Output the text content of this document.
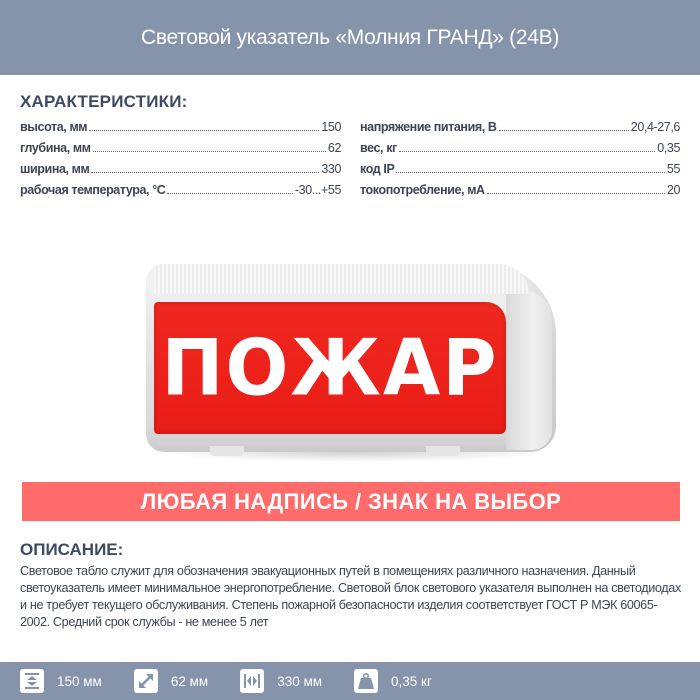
Световой указатель «Молния ГРАНД» (24В)
ХАРАКТЕРИСТИКИ:
высота, мм	150
глубина, мм	62
ширина, мм	330
рабочая температура, °С	-30...+55
напряжение питания, В	20,4-27,6
вес, кг	0,35
код IP	55
токопотребление, мА	20
ПОЖАР
ЛЮБАЯ НАДПИСЬ / ЗНАК НА ВЫБОР
ОПИСАНИЕ:
Световое табло служит для обозначения эвакуационных путей в помещениях различного назначения. Данный светоуказатель имеет минимальное энергопотребление. Световой блок светового указателя выполнен на светодиодах и не требует текущего обслуживания. Степень пожарной безопасности изделия соответствует ГОСТ Р МЭК 60065-2002. Средний срок службы - не менее 5 лет
150 мм	62 мм	330 мм	0,35 кг
